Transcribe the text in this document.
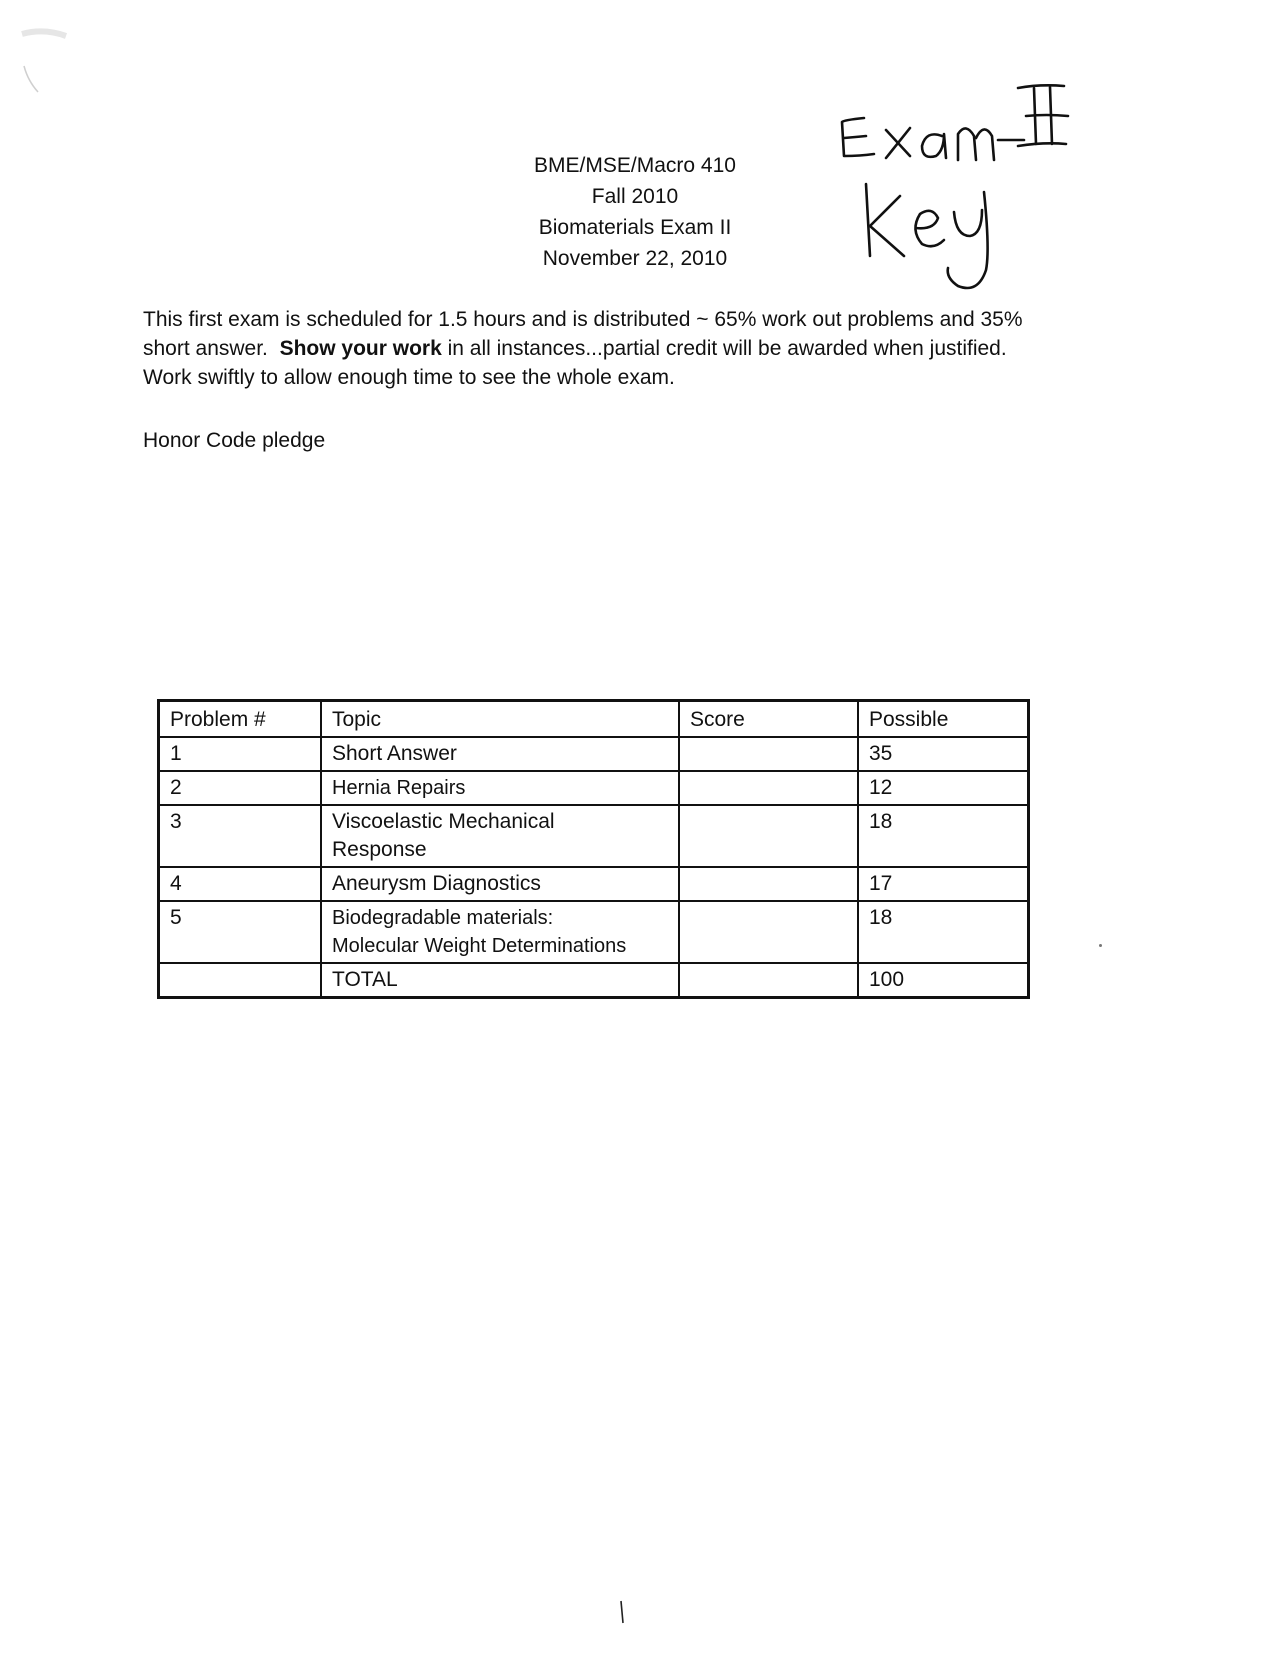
BME/MSE/Macro 410
Fall 2010
Biomaterials Exam II
November 22, 2010
This first exam is scheduled for 1.5 hours and is distributed ~ 65% work out problems and 35%
short answer.  Show your work in all instances...partial credit will be awarded when justified.
Work swiftly to allow enough time to see the whole exam.
Honor Code pledge
Problem #	Topic	Score	Possible
1	Short Answer		35
2	Hernia Repairs		12
3	Viscoelastic Mechanical
Response		18
4	Aneurysm Diagnostics		17
5	Biodegradable materials:
Molecular Weight Determinations		18
	TOTAL		100
